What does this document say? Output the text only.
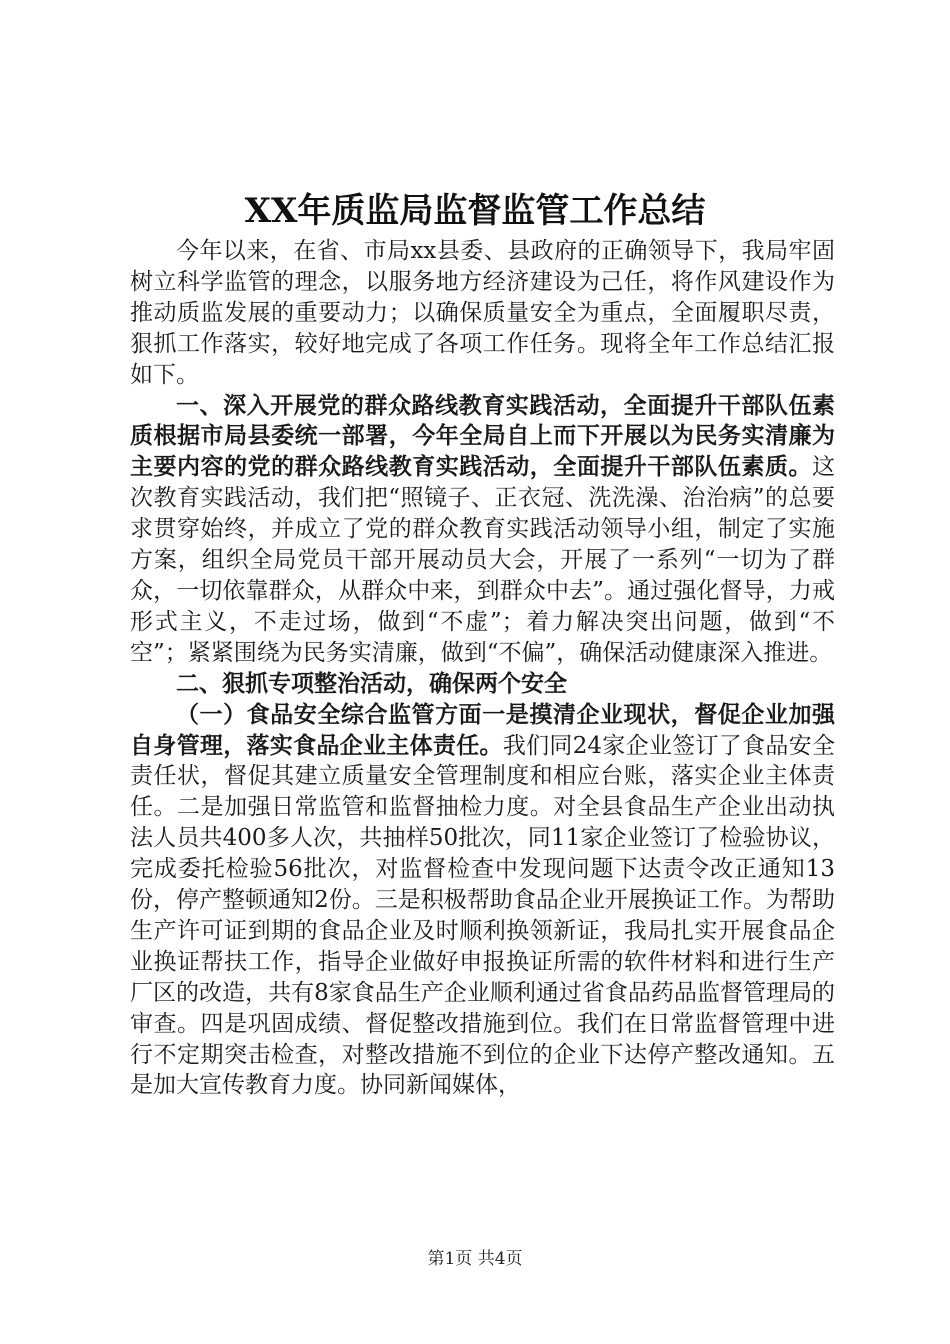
XX年质监局监督监管工作总结

今年以来，在省、市局xx县委、县政府的正确领导下，我局牢固树立科学监管的理念，以服务地方经济建设为己任，将作风建设作为推动质监发展的重要动力；以确保质量安全为重点，全面履职尽责，狠抓工作落实，较好地完成了各项工作任务。现将全年工作总结汇报如下。

一、深入开展党的群众路线教育实践活动，全面提升干部队伍素质根据市局县委统一部署，今年全局自上而下开展以为民务实清廉为主要内容的党的群众路线教育实践活动，全面提升干部队伍素质。这次教育实践活动，我们把“照镜子、正衣冠、洗洗澡、治治病”的总要求贯穿始终，并成立了党的群众教育实践活动领导小组，制定了实施方案，组织全局党员干部开展动员大会，开展了一系列“一切为了群众，一切依靠群众，从群众中来，到群众中去”。通过强化督导，力戒形式主义，不走过场，做到“不虚”；着力解决突出问题，做到“不空”；紧紧围绕为民务实清廉，做到“不偏”，确保活动健康深入推进。

二、狠抓专项整治活动，确保两个安全

（一）食品安全综合监管方面一是摸清企业现状，督促企业加强自身管理，落实食品企业主体责任。我们同24家企业签订了食品安全责任状，督促其建立质量安全管理制度和相应台账，落实企业主体责任。二是加强日常监管和监督抽检力度。对全县食品生产企业出动执法人员共400多人次，共抽样50批次，同11家企业签订了检验协议，完成委托检验56批次，对监督检查中发现问题下达责令改正通知13份，停产整顿通知2份。三是积极帮助食品企业开展换证工作。为帮助生产许可证到期的食品企业及时顺利换领新证，我局扎实开展食品企业换证帮扶工作，指导企业做好申报换证所需的软件材料和进行生产厂区的改造，共有8家食品生产企业顺利通过省食品药品监督管理局的审查。四是巩固成绩、督促整改措施到位。我们在日常监督管理中进行不定期突击检查，对整改措施不到位的企业下达停产整改通知。五是加大宣传教育力度。协同新闻媒体，

第1页 共4页
